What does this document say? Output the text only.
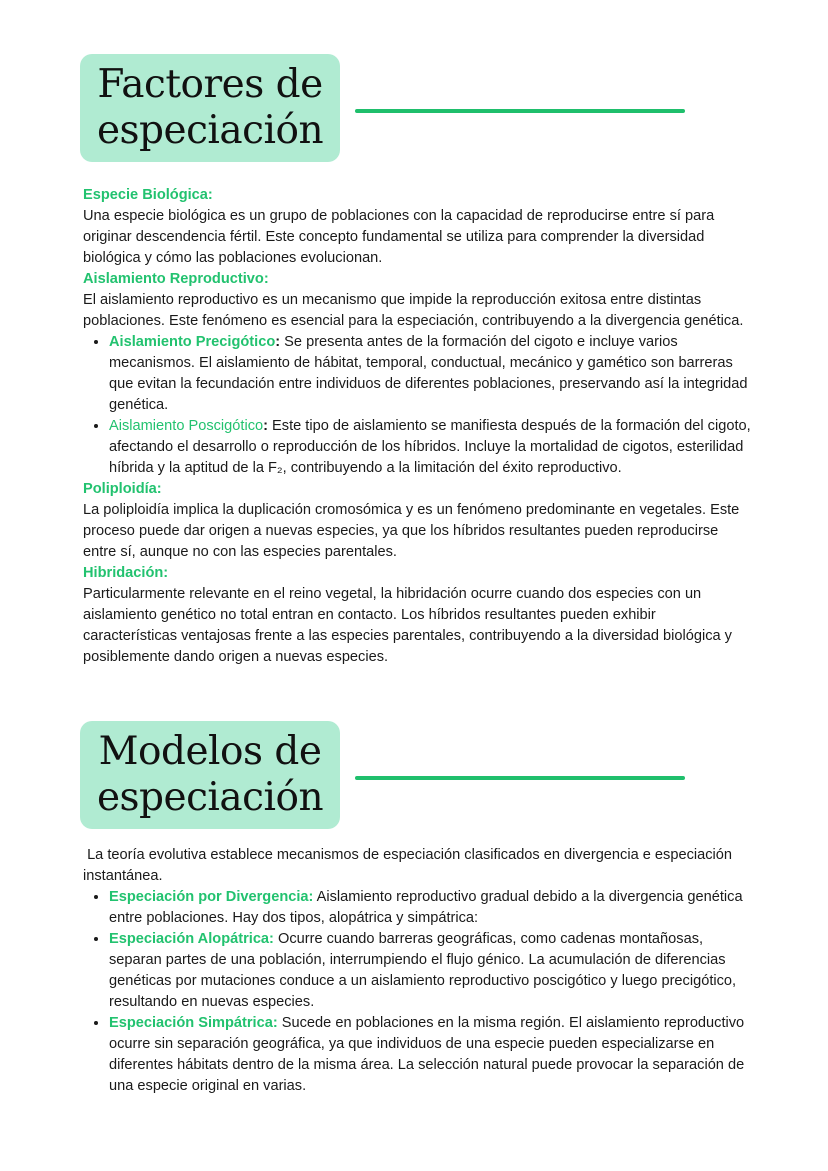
Factores de
especiación
Especie Biológica:

Una especie biológica es un grupo de poblaciones con la capacidad de reproducirse entre sí para originar descendencia fértil. Este concepto fundamental se utiliza para comprender la diversidad biológica y cómo las poblaciones evolucionan.

Aislamiento Reproductivo:

El aislamiento reproductivo es un mecanismo que impide la reproducción exitosa entre distintas poblaciones. Este fenómeno es esencial para la especiación, contribuyendo a la divergencia genética.

• Aislamiento Precigótico: Se presenta antes de la formación del cigoto e incluye varios mecanismos. El aislamiento de hábitat, temporal, conductual, mecánico y gamético son barreras que evitan la fecundación entre individuos de diferentes poblaciones, preservando así la integridad genética.
• Aislamiento Poscigótico: Este tipo de aislamiento se manifiesta después de la formación del cigoto, afectando el desarrollo o reproducción de los híbridos. Incluye la mortalidad de cigotos, esterilidad híbrida y la aptitud de la F₂, contribuyendo a la limitación del éxito reproductivo.
Poliploidía:

La poliploidía implica la duplicación cromosómica y es un fenómeno predominante en vegetales. Este proceso puede dar origen a nuevas especies, ya que los híbridos resultantes pueden reproducirse entre sí, aunque no con las especies parentales.

Hibridación:

Particularmente relevante en el reino vegetal, la hibridación ocurre cuando dos especies con un aislamiento genético no total entran en contacto. Los híbridos resultantes pueden exhibir características ventajosas frente a las especies parentales, contribuyendo a la diversidad biológica y posiblemente dando origen a nuevas especies.

Modelos de
especiación

La teoría evolutiva establece mecanismos de especiación clasificados en divergencia e especiación instantánea.

• Especiación por Divergencia: Aislamiento reproductivo gradual debido a la divergencia genética entre poblaciones. Hay dos tipos, alopátrica y simpátrica:
• Especiación Alopátrica: Ocurre cuando barreras geográficas, como cadenas montañosas, separan partes de una población, interrumpiendo el flujo génico. La acumulación de diferencias genéticas por mutaciones conduce a un aislamiento reproductivo poscigótico y luego precigótico, resultando en nuevas especies.
• Especiación Simpátrica: Sucede en poblaciones en la misma región. El aislamiento reproductivo ocurre sin separación geográfica, ya que individuos de una especie pueden especializarse en diferentes hábitats dentro de la misma área. La selección natural puede provocar la separación de una especie original en varias.
